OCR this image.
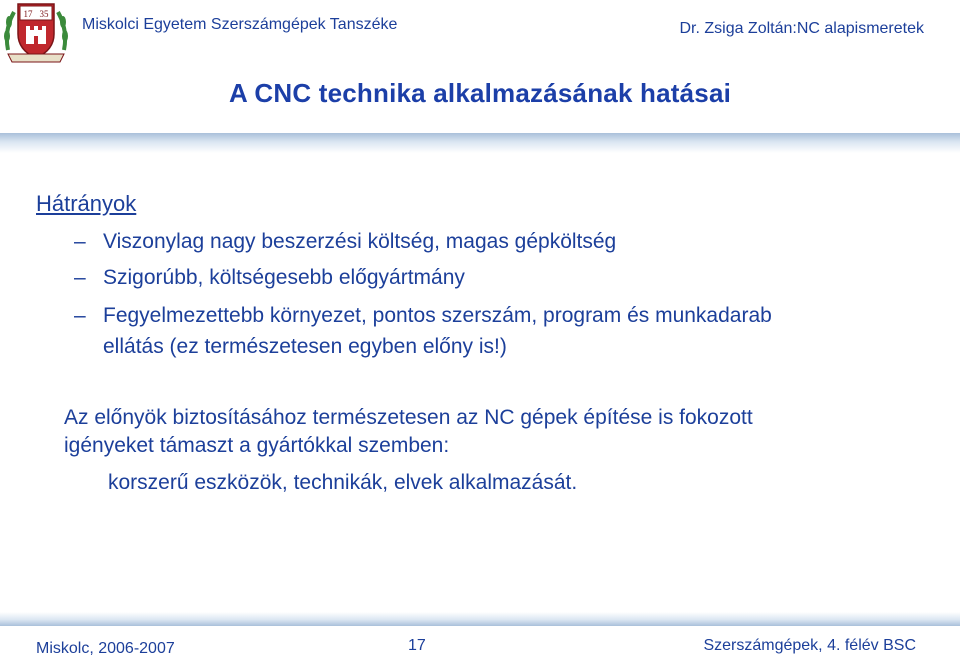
17 35
Miskolci Egyetem Szerszámgépek Tanszéke	Dr. Zsiga Zoltán:NC alapismeretek
A CNC technika alkalmazásának hatásai
Hátrányok
– Viszonylag nagy beszerzési költség, magas gépköltség
– Szigorúbb, költségesebb előgyártmány
– Fegyelmezettebb környezet, pontos szerszám, program és munkadarab
ellátás (ez természetesen egyben előny is!)
Az előnyök biztosításához természetesen az NC gépek építése is fokozott
igényeket támaszt a gyártókkal szemben:
korszerű eszközök, technikák, elvek alkalmazását.
Miskolc, 2006-2007	17	Szerszámgépek, 4. félév BSC
